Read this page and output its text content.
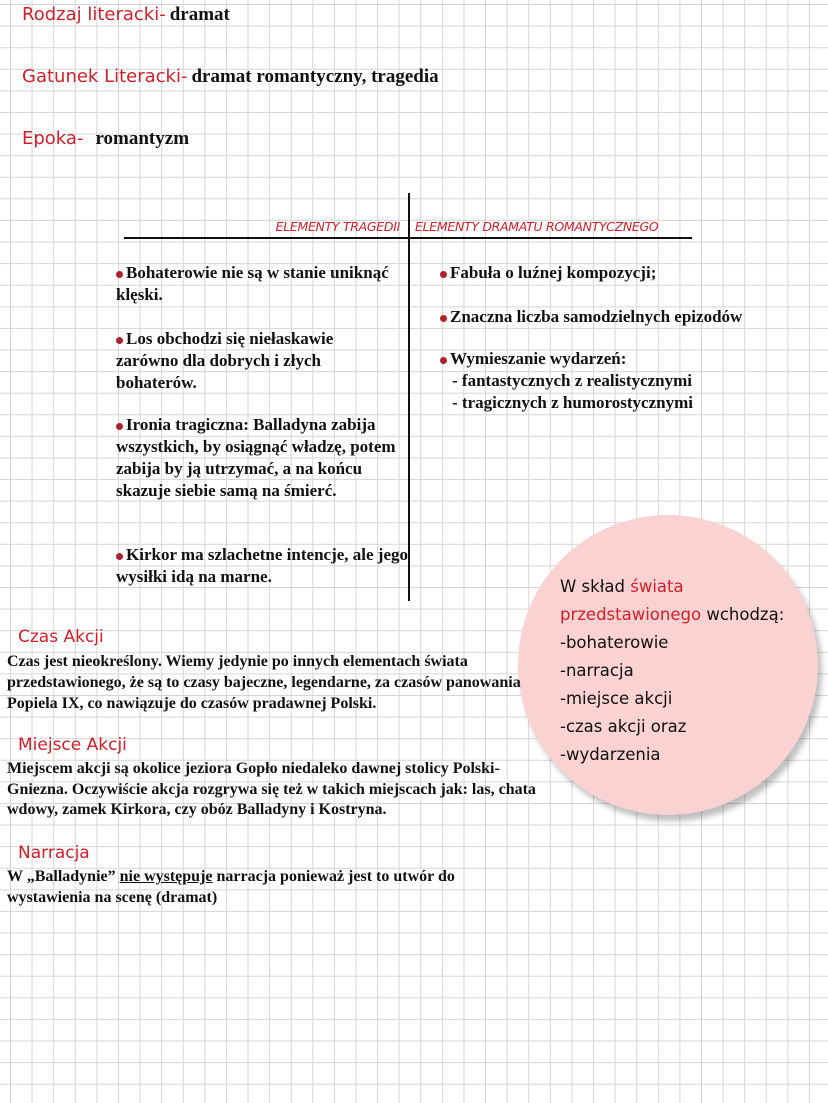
Rodzaj literacki- dramat
Gatunek Literacki- dramat romantyczny, tragedia
Epoka- romantyzm
ELEMENTY TRAGEDII ELEMENTY DRAMATU ROMANTYCZNEGO
Bohaterowie nie są w stanie uniknąć klęski.
Los obchodzi się niełaskawie zarówno dla dobrych i złych bohaterów.
Ironia tragiczna: Balladyna zabija wszystkich, by osiągnąć władzę, potem zabija by ją utrzymać, a na końcu skazuje siebie samą na śmierć.
Kirkor ma szlachetne intencje, ale jego wysiłki idą na marne.
Fabuła o luźnej kompozycji;
Znaczna liczba samodzielnych epizodów
Wymieszanie wydarzeń:
- fantastycznych z realistycznymi
- tragicznych z humorostycznymi
W skład świata
przedstawionego wchodzą:
-bohaterowie
-narracja
-miejsce akcji
-czas akcji oraz
-wydarzenia
Czas Akcji
Czas jest nieokreślony. Wiemy jedynie po innych elementach świata przedstawionego, że są to czasy bajeczne, legendarne, za czasów panowania Popiela IX, co nawiązuje do czasów pradawnej Polski.
Miejsce Akcji
Miejscem akcji są okolice jeziora Gopło niedaleko dawnej stolicy Polski- Gniezna. Oczywiście akcja rozgrywa się też w takich miejscach jak: las, chata wdowy, zamek Kirkora, czy obóz Balladyny i Kostryna.
Narracja
W „Balladynie” nie występuje narracja ponieważ jest to utwór do wystawienia na scenę (dramat)
